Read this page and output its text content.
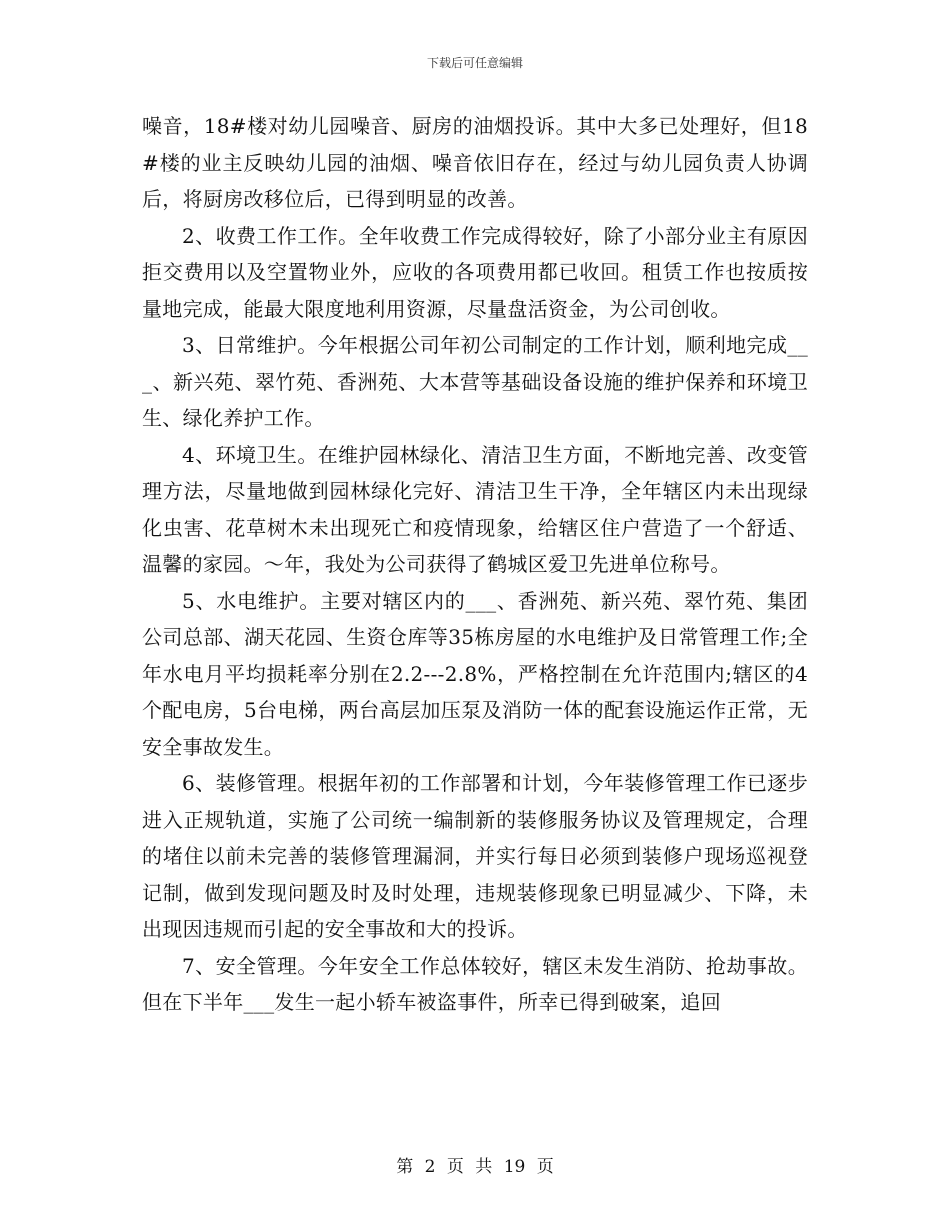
下载后可任意编辑

噪音，18#楼对幼儿园噪音、厨房的油烟投诉。其中大多已处理好，但18#楼的业主反映幼儿园的油烟、噪音依旧存在，经过与幼儿园负责人协调后，将厨房改移位后，已得到明显的改善。

2、收费工作工作。全年收费工作完成得较好，除了小部分业主有原因拒交费用以及空置物业外，应收的各项费用都已收回。租赁工作也按质按量地完成，能最大限度地利用资源，尽量盘活资金，为公司创收。

3、日常维护。今年根据公司年初公司制定的工作计划，顺利地完成___、新兴苑、翠竹苑、香洲苑、大本营等基础设备设施的维护保养和环境卫生、绿化养护工作。

4、环境卫生。在维护园林绿化、清洁卫生方面，不断地完善、改变管理方法，尽量地做到园林绿化完好、清洁卫生干净，全年辖区内未出现绿化虫害、花草树木未出现死亡和疫情现象，给辖区住户营造了一个舒适、温馨的家园。～年，我处为公司获得了鹤城区爱卫先进单位称号。

5、水电维护。主要对辖区内的___、香洲苑、新兴苑、翠竹苑、集团公司总部、湖天花园、生资仓库等35栋房屋的水电维护及日常管理工作;全年水电月平均损耗率分别在2.2---2.8%，严格控制在允许范围内;辖区的4个配电房，5台电梯，两台高层加压泵及消防一体的配套设施运作正常，无安全事故发生。

6、装修管理。根据年初的工作部署和计划，今年装修管理工作已逐步进入正规轨道，实施了公司统一编制新的装修服务协议及管理规定，合理的堵住以前未完善的装修管理漏洞，并实行每日必须到装修户现场巡视登记制，做到发现问题及时及时处理，违规装修现象已明显减少、下降，未出现因违规而引起的安全事故和大的投诉。

7、安全管理。今年安全工作总体较好，辖区未发生消防、抢劫事故。但在下半年___发生一起小轿车被盗事件，所幸已得到破案，追回

第 2 页 共 19 页
